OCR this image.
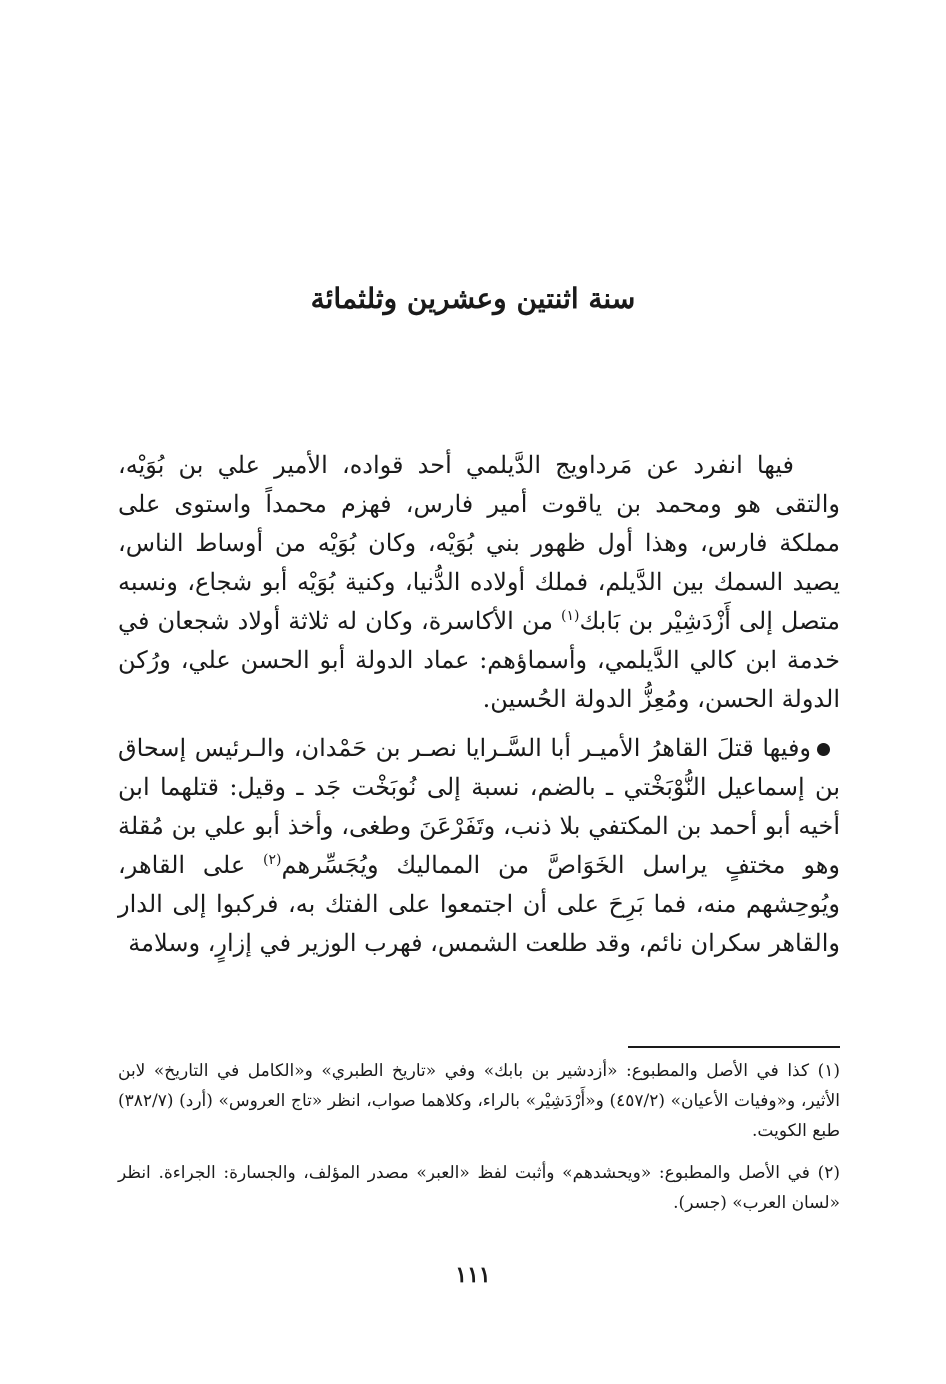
سنة اثنتين وعشرين وثلثمائة

فيها انفرد عن مَرداويج الدَّيلمي أحد قواده، الأمير علي بن بُوَيْه، والتقى هو ومحمد بن ياقوت أمير فارس، فهزم محمداً واستوى على مملكة فارس، وهذا أول ظهور بني بُوَيْه، وكان بُوَيْه من أوساط الناس، يصيد السمك بين الدَّيلم، فملك أولاده الدُّنيا، وكنية بُوَيْه أبو شجاع، ونسبه متصل إلى أَزْدَشِيْر بن بَابك$^{(١)}$ من الأكاسرة، وكان له ثلاثة أولاد شجعان في خدمة ابن كالي الدَّيلمي، وأسماؤهم: عماد الدولة أبو الحسن علي، ورُكن الدولة الحسن، ومُعِزُّ الدولة الحُسين.

وفيها قتلَ القاهرُ الأميـر أبا السَّـرايا نصـر بن حَمْدان، والـرئيس إسحاق بن إسماعيل النُّوْبَخْتي ـ بالضم، نسبة إلى نُوبَخْت جَد ـ وقيل: قتلهما ابن أخيه أبو أحمد بن المكتفي بلا ذنب، وتَفَرْعَنَ وطغى، وأخذ أبو علي بن مُقلة وهو مختفٍ يراسل الخَوَاصَّ من المماليك ويُجَسِّرهم$^{(٢)}$ على القاهر، ويُوحِشهم منه، فما بَرِحَ على أن اجتمعوا على الفتك به، فركبوا إلى الدار والقاهر سكران نائم، وقد طلعت الشمس، فهرب الوزير في إزارٍ، وسلامة

(١) كذا في الأصل والمطبوع: «أزدشير بن بابك» وفي «تاريخ الطبري» و«الكامل في التاريخ» لابن الأثير، و«وفيات الأعيان» (٤٥٧/٢) و«أَرْدَشِيْر» بالراء، وكلاهما صواب، انظر «تاج العروس» (أرد) (٣٨٢/٧) طبع الكويت.

(٢) في الأصل والمطبوع: «ويحشدهم» وأثبت لفظ «العبر» مصدر المؤلف، والجسارة: الجراءة. انظر «لسان العرب» (جسر).

١١١
